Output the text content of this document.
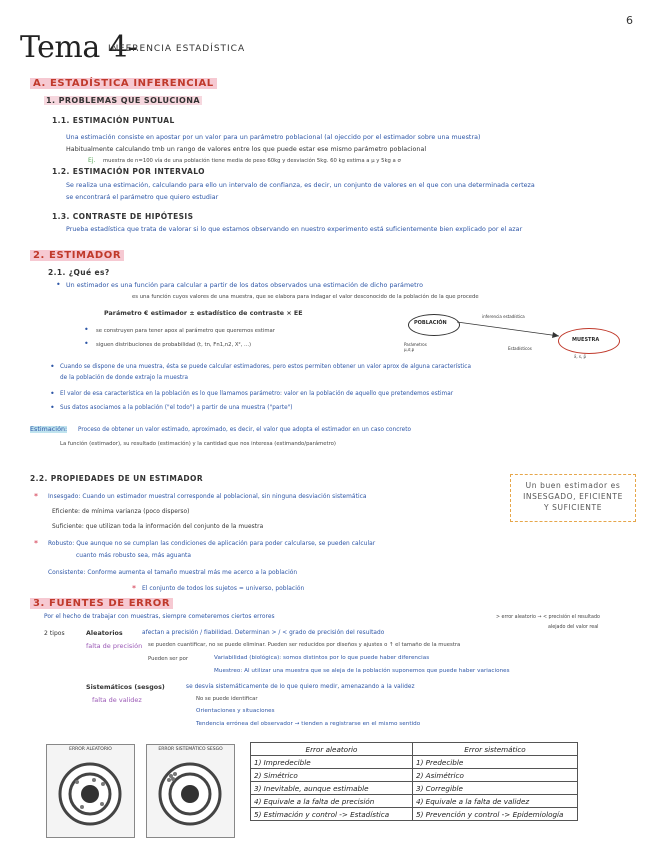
6
Tema 4-
INFERENCIA ESTADÍSTICA
A. ESTADÍSTICA INFERENCIAL
1. PROBLEMAS QUE SOLUCIONA
1.1. ESTIMACIÓN PUNTUAL
Una estimación consiste en apostar por un valor para un parámetro poblacional (al ojeccido por el estimador sobre una muestra)
Habitualmente calculando tmb un rango de valores entre los que puede estar ese mismo parámetro poblacional
Ej. muestra de n=100 vía de una población tiene media de peso 60kg y desviación 5kg. 60 kg estima a μ y 5kg a σ
1.2. ESTIMACIÓN POR INTERVALO
Se realiza una estimación, calculando para ello un intervalo de confianza, es decir, un conjunto de valores en el que con una determinada certeza
se encontrará el parámetro que quiero estudiar
1.3. CONTRASTE DE HIPÓTESIS
Prueba estadística que trata de valorar si lo que estamos observando en nuestro experimento está suficientemente bien explicado por el azar
2. ESTIMADOR
2.1. ¿Qué es?
• Un estimador es una función para calcular a partir de los datos observados una estimación de dicho parámetro
es una función cuyos valores de una muestra, que se elabora para indagar el valor desconocido de la población de la que procede
Parámetro € estimador ± estadístico de contraste × EE
• se construyen para tener apox al parámetro que queremos estimar
• siguen distribuciones de probabilidad (t, tn, Fn1,n2, X², ...)
POBLACIÓN
MUESTRA
inferencia estadística
Parámetros μ,σ,p	Estadísticos
x̄, s, p̂
• Cuando se dispone de una muestra, ésta se puede calcular estimadores, pero estos permiten obtener un valor aprox de alguna característica
de la población de donde extrajo la muestra
• El valor de esa característica en la población es lo que llamamos parámetro: valor en la población de aquello que pretendemos estimar
• Sus datos asociamos a la población ("el todo") a partir de una muestra ("parte")
Estimación: Proceso de obtener un valor estimado, aproximado, es decir, el valor que adopta el estimador en un caso concreto
La función (estimador), su resultado (estimación) y la cantidad que nos interesa (estimando/parámetro)
2.2. PROPIEDADES DE UN ESTIMADOR
* Insesgado: Cuando un estimador muestral corresponde al poblacional, sin ninguna desviación sistemática
Eficiente: de mínima varianza (poco disperso)
Suficiente: que utilizan toda la información del conjunto de la muestra
* Robusto: Que aunque no se cumplan las condiciones de aplicación para poder calcularse, se pueden calcular
cuanto más robusto sea, más aguanta
Consistente: Conforme aumenta el tamaño muestral más me acerco a la población
* El conjunto de todos los sujetos = universo, población
Un buen estimador es
INSESGADO, EFICIENTE
Y SUFICIENTE
3. FUENTES DE ERROR
Por el hecho de trabajar con muestras, siempre cometeremos ciertos errores	> error aleatorio → < precisión el resultado
alejado del valor real
2 tipos	Aleatorios	afectan a precisión / fiabilidad. Determinan > / < grado de precisión del resultado
falta de precisión se pueden cuantificar, no se puede eliminar. Pueden ser reducidos por diseños y ajustes o ↑ el tamaño de la muestra
Pueden ser por	Variabilidad (biológica): somos distintos por lo que puede haber diferencias
Muestreo: Al utilizar una muestra que se aleja de la población suponemos que puede haber variaciones
Sistemáticos (sesgos)	se desvía sistemáticamente de lo que quiero medir, amenazando a la validez
falta de validez	No se puede identificar
Orientaciones y situaciones
Tendencia errónea del observador → tienden a registrarse en el mismo sentido
ERROR ALEATORIO	ERROR SISTEMÁTICO SESGO	Error aleatorio	Error sistemático
1) Impredecible	1) Predecible
2) Simétrico	2) Asimétrico
3) Inevitable, aunque estimable	3) Corregible
4) Equivale a la falta de precisión	4) Equivale a la falta de validez
5) Estimación y control -> Estadística	5) Prevención y control -> Epidemiología
